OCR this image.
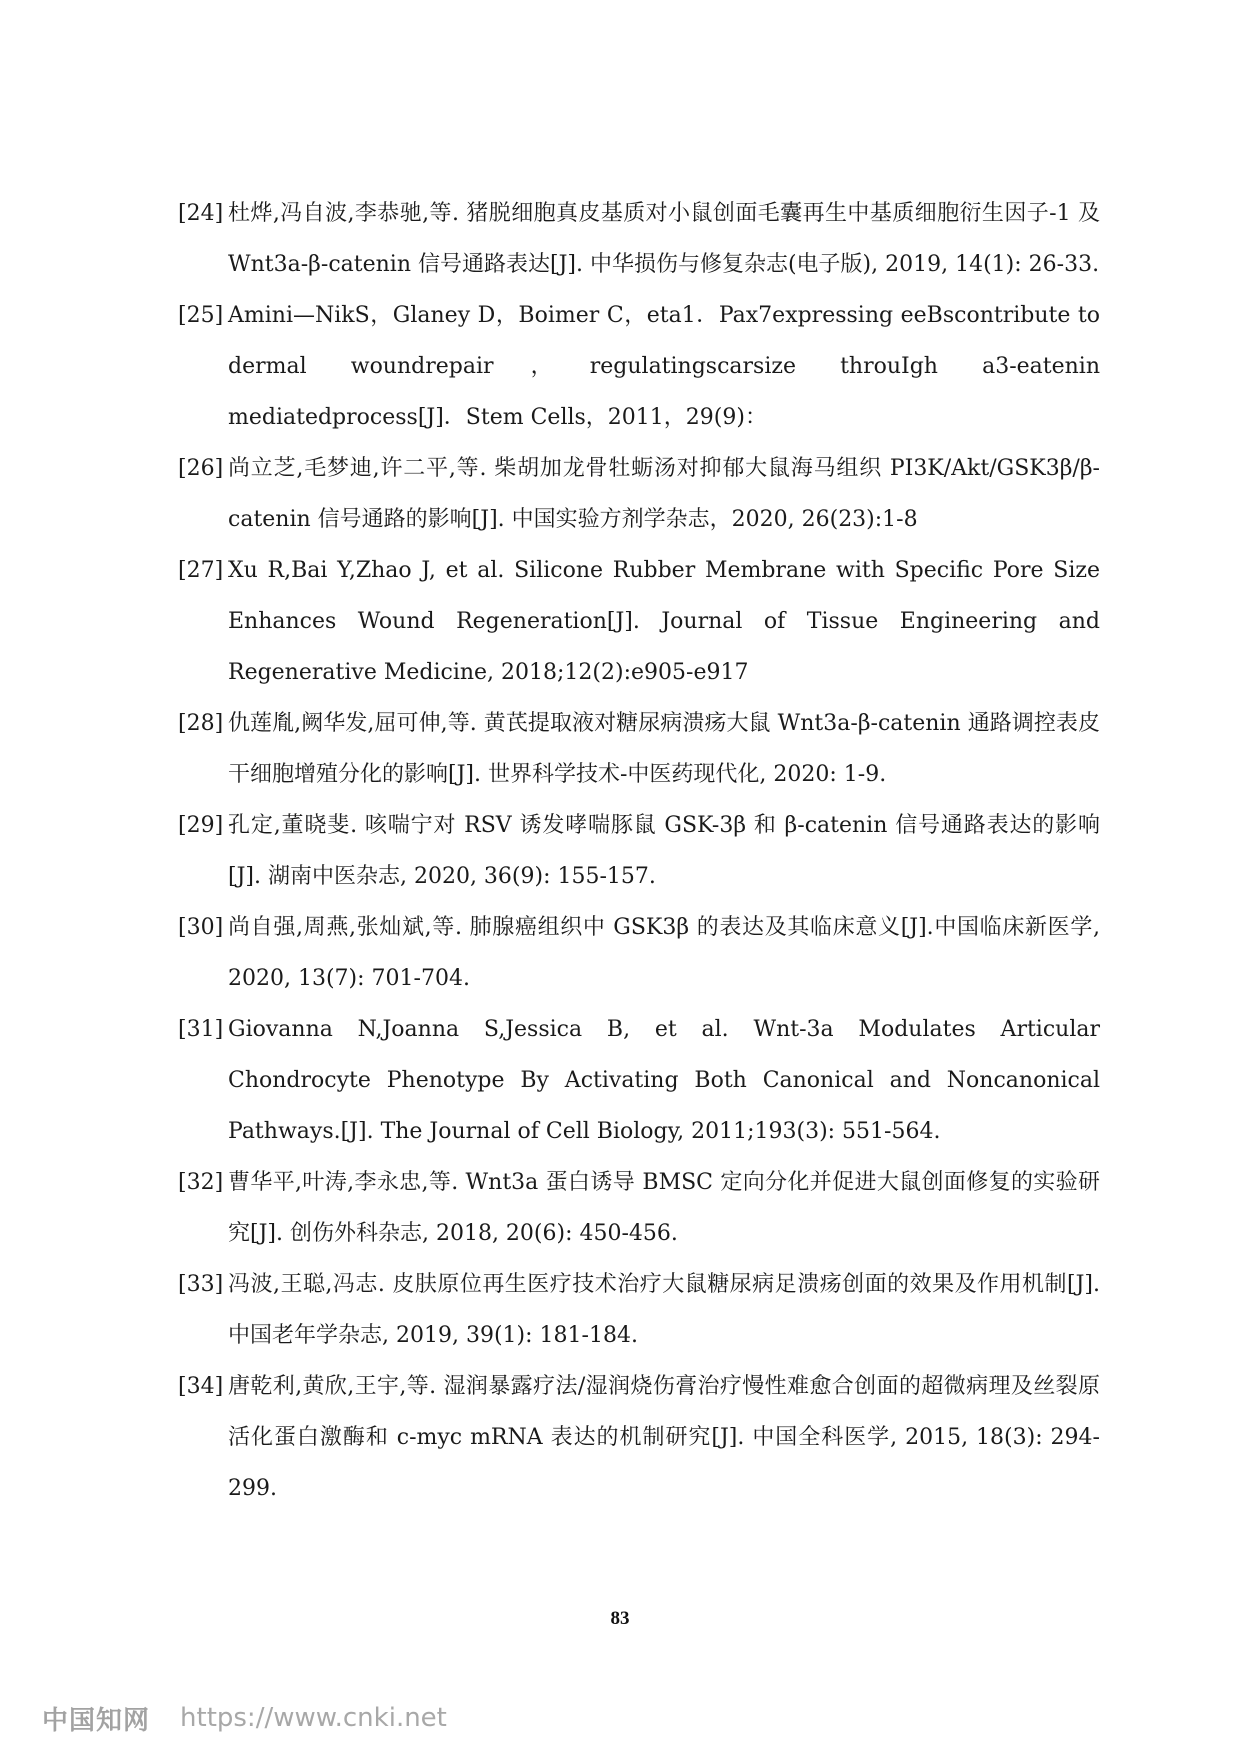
[24] 杜烨,冯自波,李恭驰,等. 猪脱细胞真皮基质对小鼠创面毛囊再生中基质细胞衍生因子-1 及 Wnt3a-β-catenin 信号通路表达[J]. 中华损伤与修复杂志(电子版), 2019, 14(1): 26-33.

[25] Amini—NikS，Glaney D，Boimer C，eta1．Pax7expressing eeBscontribute to dermal woundrepair，regulatingscarsize throuIgh a3-eatenin mediatedprocess[J]．Stem Cells，2011，29(9)：

[26] 尚立芝,毛梦迪,许二平,等. 柴胡加龙骨牡蛎汤对抑郁大鼠海马组织 PI3K/Akt/GSK3β/β-catenin 信号通路的影响[J]. 中国实验方剂学杂志，2020, 26(23):1-8

[27] Xu R,Bai Y,Zhao J, et al. Silicone Rubber Membrane with Specific Pore Size Enhances Wound Regeneration[J]. Journal of Tissue Engineering and Regenerative Medicine, 2018;12(2):e905-e917

[28] 仇莲胤,阙华发,屈可伸,等. 黄芪提取液对糖尿病溃疡大鼠 Wnt3a-β-catenin 通路调控表皮干细胞增殖分化的影响[J]. 世界科学技术-中医药现代化, 2020: 1-9.

[29] 孔定,董晓斐. 咳喘宁对 RSV 诱发哮喘豚鼠 GSK-3β 和 β-catenin 信号通路表达的影响[J]. 湖南中医杂志, 2020, 36(9): 155-157.

[30] 尚自强,周燕,张灿斌,等. 肺腺癌组织中 GSK3β 的表达及其临床意义[J].中国临床新医学, 2020, 13(7): 701-704.

[31] Giovanna N,Joanna S,Jessica B, et al. Wnt-3a Modulates Articular Chondrocyte Phenotype By Activating Both Canonical and Noncanonical Pathways.[J]. The Journal of Cell Biology, 2011;193(3): 551-564.

[32] 曹华平,叶涛,李永忠,等. Wnt3a 蛋白诱导 BMSC 定向分化并促进大鼠创面修复的实验研究[J]. 创伤外科杂志, 2018, 20(6): 450-456.

[33] 冯波,王聪,冯志. 皮肤原位再生医疗技术治疗大鼠糖尿病足溃疡创面的效果及作用机制[J]. 中国老年学杂志, 2019, 39(1): 181-184.

[34] 唐乾利,黄欣,王宇,等. 湿润暴露疗法/湿润烧伤膏治疗慢性难愈合创面的超微病理及丝裂原活化蛋白激酶和 c-myc mRNA 表达的机制研究[J]. 中国全科医学, 2015, 18(3): 294-299.

83
中国知网 https://www.cnki.net
